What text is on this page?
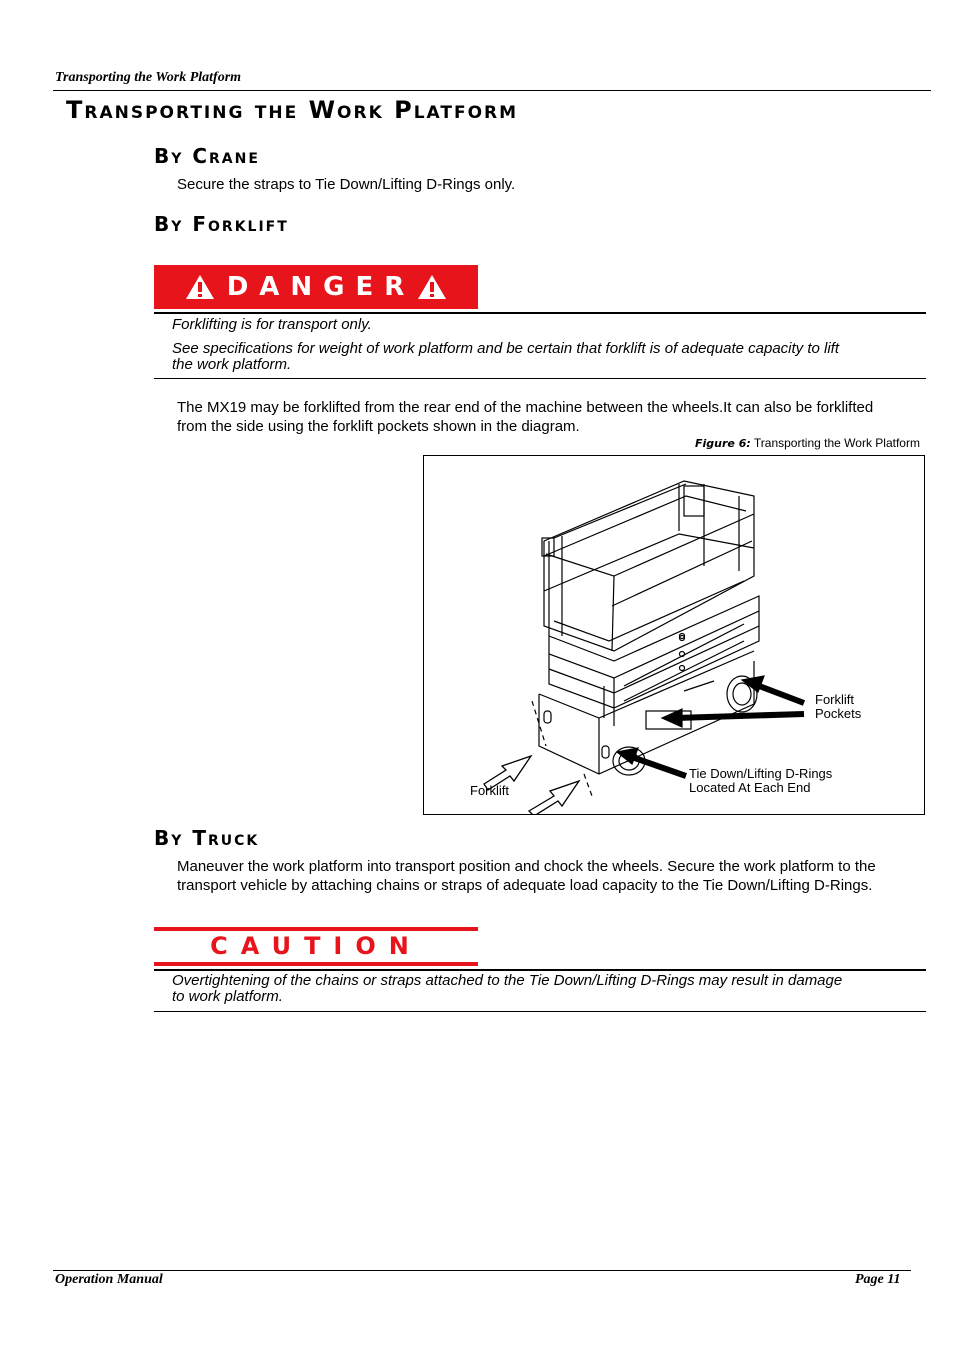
Transporting the Work Platform
Transporting the Work Platform
By Crane
Secure the straps to Tie Down/Lifting D-Rings only.
By Forklift
DANGER
Forklifting is for transport only.
See specifications for weight of work platform and be certain that forklift is of adequate capacity to lift
the work platform.
The MX19 may be forklifted from the rear end of the machine between the wheels.It can also be forklifted
from the side using the forklift pockets shown in the diagram.
Figure 6: Transporting the Work Platform
Forklift
Pockets
Tie Down/Lifting D-Rings
Located At Each End
Forklift
By Truck
Maneuver the work platform into transport position and chock the wheels. Secure the work platform to the
transport vehicle by attaching chains or straps of adequate load capacity to the Tie Down/Lifting D-Rings.
CAUTION
Overtightening of the chains or straps attached to the Tie Down/Lifting D-Rings may result in damage
to work platform.
Operation Manual	Page 11
